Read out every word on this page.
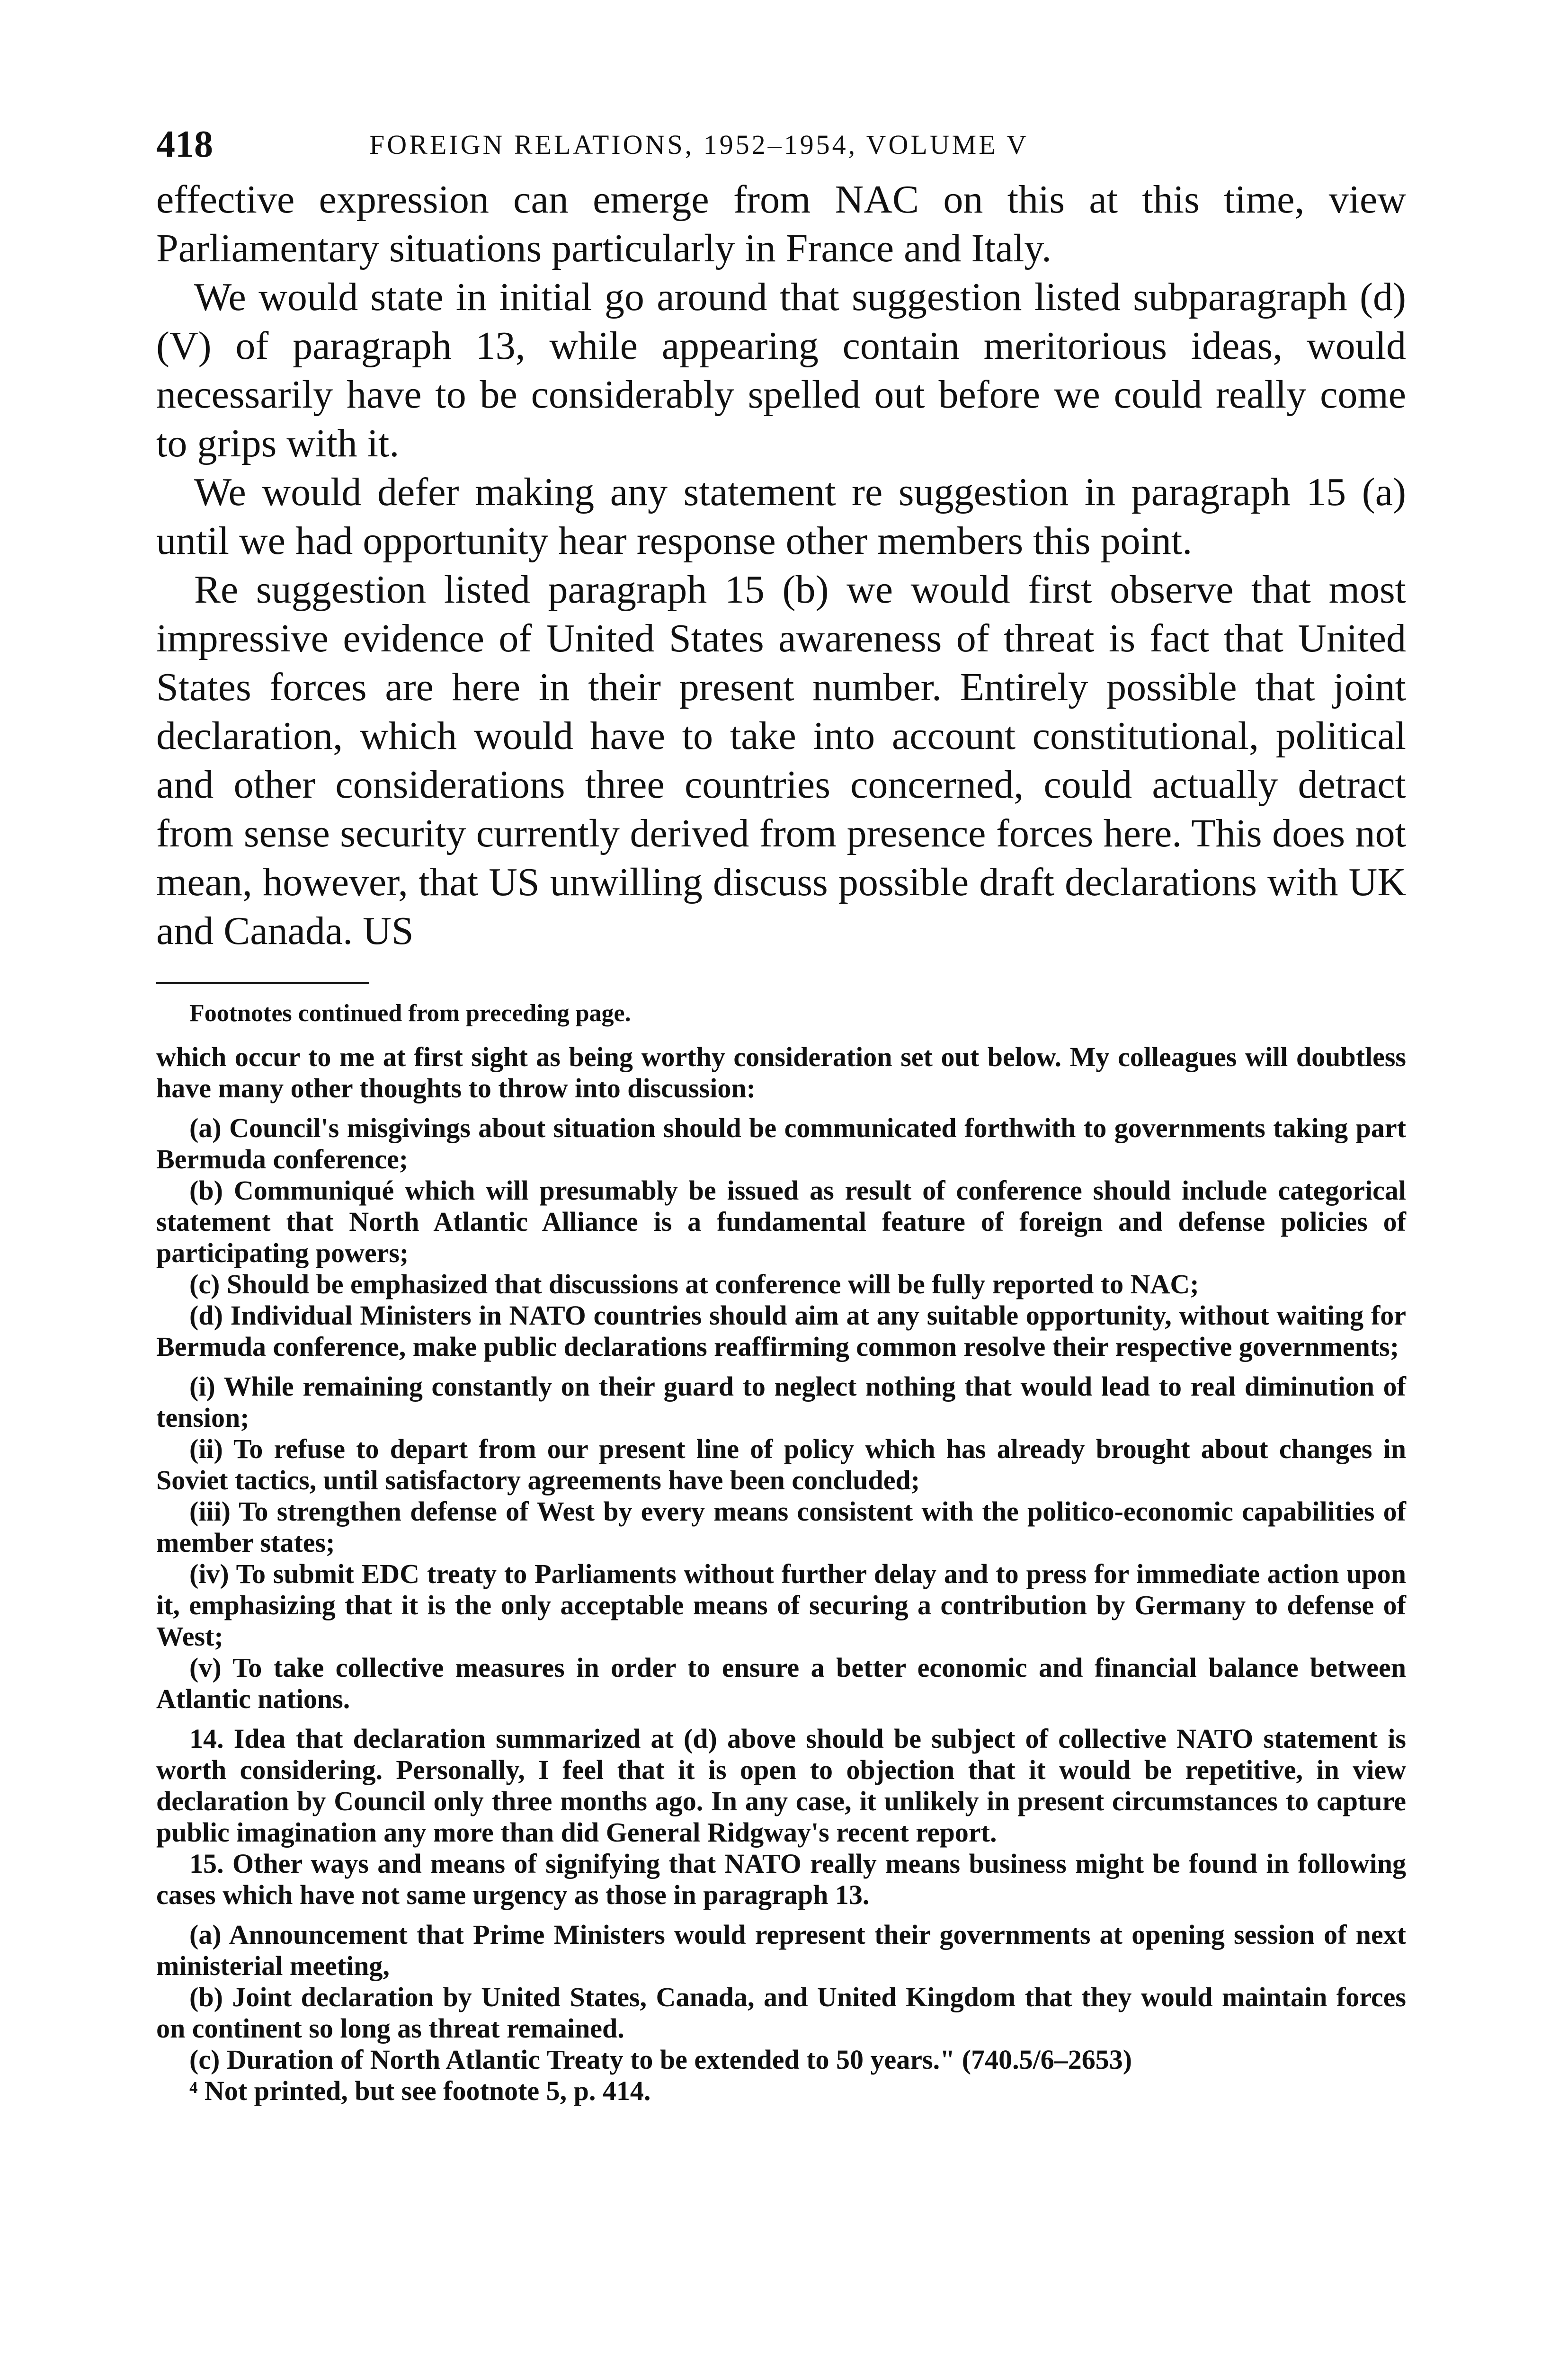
418	FOREIGN RELATIONS, 1952–1954, VOLUME V

effective expression can emerge from NAC on this at this time, view Parliamentary situations particularly in France and Italy.

We would state in initial go around that suggestion listed subparagraph (d) (V) of paragraph 13, while appearing contain meritorious ideas, would necessarily have to be considerably spelled out before we could really come to grips with it.

We would defer making any statement re suggestion in paragraph 15 (a) until we had opportunity hear response other members this point.

Re suggestion listed paragraph 15 (b) we would first observe that most impressive evidence of United States awareness of threat is fact that United States forces are here in their present number. Entirely possible that joint declaration, which would have to take into account constitutional, political and other considerations three countries concerned, could actually detract from sense security currently derived from presence forces here. This does not mean, however, that US unwilling discuss possible draft declarations with UK and Canada. US

Footnotes continued from preceding page.

which occur to me at first sight as being worthy consideration set out below. My colleagues will doubtless have many other thoughts to throw into discussion:

(a) Council's misgivings about situation should be communicated forthwith to governments taking part Bermuda conference;

(b) Communiqué which will presumably be issued as result of conference should include categorical statement that North Atlantic Alliance is a fundamental feature of foreign and defense policies of participating powers;

(c) Should be emphasized that discussions at conference will be fully reported to NAC;

(d) Individual Ministers in NATO countries should aim at any suitable opportunity, without waiting for Bermuda conference, make public declarations reaffirming common resolve their respective governments;

(i) While remaining constantly on their guard to neglect nothing that would lead to real diminution of tension;

(ii) To refuse to depart from our present line of policy which has already brought about changes in Soviet tactics, until satisfactory agreements have been concluded;

(iii) To strengthen defense of West by every means consistent with the politico-economic capabilities of member states;

(iv) To submit EDC treaty to Parliaments without further delay and to press for immediate action upon it, emphasizing that it is the only acceptable means of securing a contribution by Germany to defense of West;

(v) To take collective measures in order to ensure a better economic and financial balance between Atlantic nations.

14. Idea that declaration summarized at (d) above should be subject of collective NATO statement is worth considering. Personally, I feel that it is open to objection that it would be repetitive, in view declaration by Council only three months ago. In any case, it unlikely in present circumstances to capture public imagination any more than did General Ridgway's recent report.

15. Other ways and means of signifying that NATO really means business might be found in following cases which have not same urgency as those in paragraph 13.

(a) Announcement that Prime Ministers would represent their governments at opening session of next ministerial meeting,

(b) Joint declaration by United States, Canada, and United Kingdom that they would maintain forces on continent so long as threat remained.

(c) Duration of North Atlantic Treaty to be extended to 50 years." (740.5/6–2653)

⁴ Not printed, but see footnote 5, p. 414.
